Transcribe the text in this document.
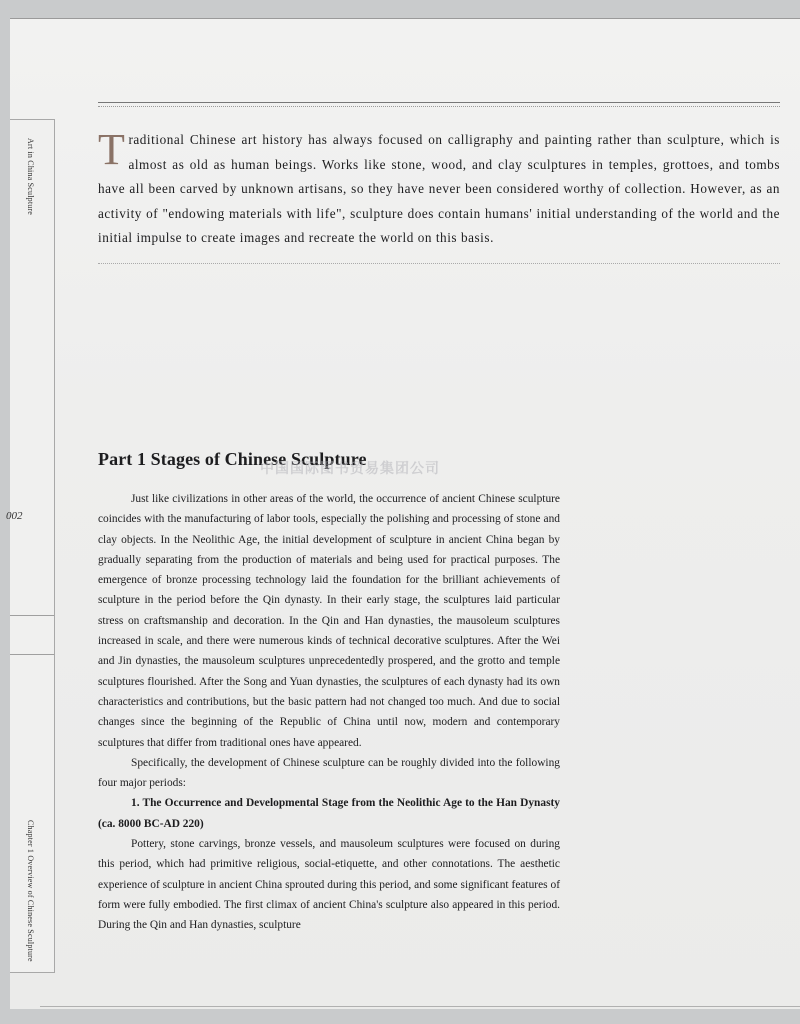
Art in China Sculpture
Chapter 1 Overview of Chinese Sculpture
002

Traditional Chinese art history has always focused on calligraphy and painting rather than sculpture, which is almost as old as human beings. Works like stone, wood, and clay sculptures in temples, grottoes, and tombs have all been carved by unknown artisans, so they have never been considered worthy of collection. However, as an activity of "endowing materials with life", sculpture does contain humans' initial understanding of the world and the initial impulse to create images and recreate the world on this basis.

Part 1 Stages of Chinese Sculpture
中国国际图书贸易集团公司

Just like civilizations in other areas of the world, the occurrence of ancient Chinese sculpture coincides with the manufacturing of labor tools, especially the polishing and processing of stone and clay objects. In the Neolithic Age, the initial development of sculpture in ancient China began by gradually separating from the production of materials and being used for practical purposes. The emergence of bronze processing technology laid the foundation for the brilliant achievements of sculpture in the period before the Qin dynasty. In their early stage, the sculptures laid particular stress on craftsmanship and decoration. In the Qin and Han dynasties, the mausoleum sculptures increased in scale, and there were numerous kinds of technical decorative sculptures. After the Wei and Jin dynasties, the mausoleum sculptures unprecedentedly prospered, and the grotto and temple sculptures flourished. After the Song and Yuan dynasties, the sculptures of each dynasty had its own characteristics and contributions, but the basic pattern had not changed too much. And due to social changes since the beginning of the Republic of China until now, modern and contemporary sculptures that differ from traditional ones have appeared.

Specifically, the development of Chinese sculpture can be roughly divided into the following four major periods:

1. The Occurrence and Developmental Stage from the Neolithic Age to the Han Dynasty (ca. 8000 BC-AD 220)

Pottery, stone carvings, bronze vessels, and mausoleum sculptures were focused on during this period, which had primitive religious, social-etiquette, and other connotations. The aesthetic experience of sculpture in ancient China sprouted during this period, and some significant features of form were fully embodied. The first climax of ancient China's sculpture also appeared in this period. During the Qin and Han dynasties, sculpture
